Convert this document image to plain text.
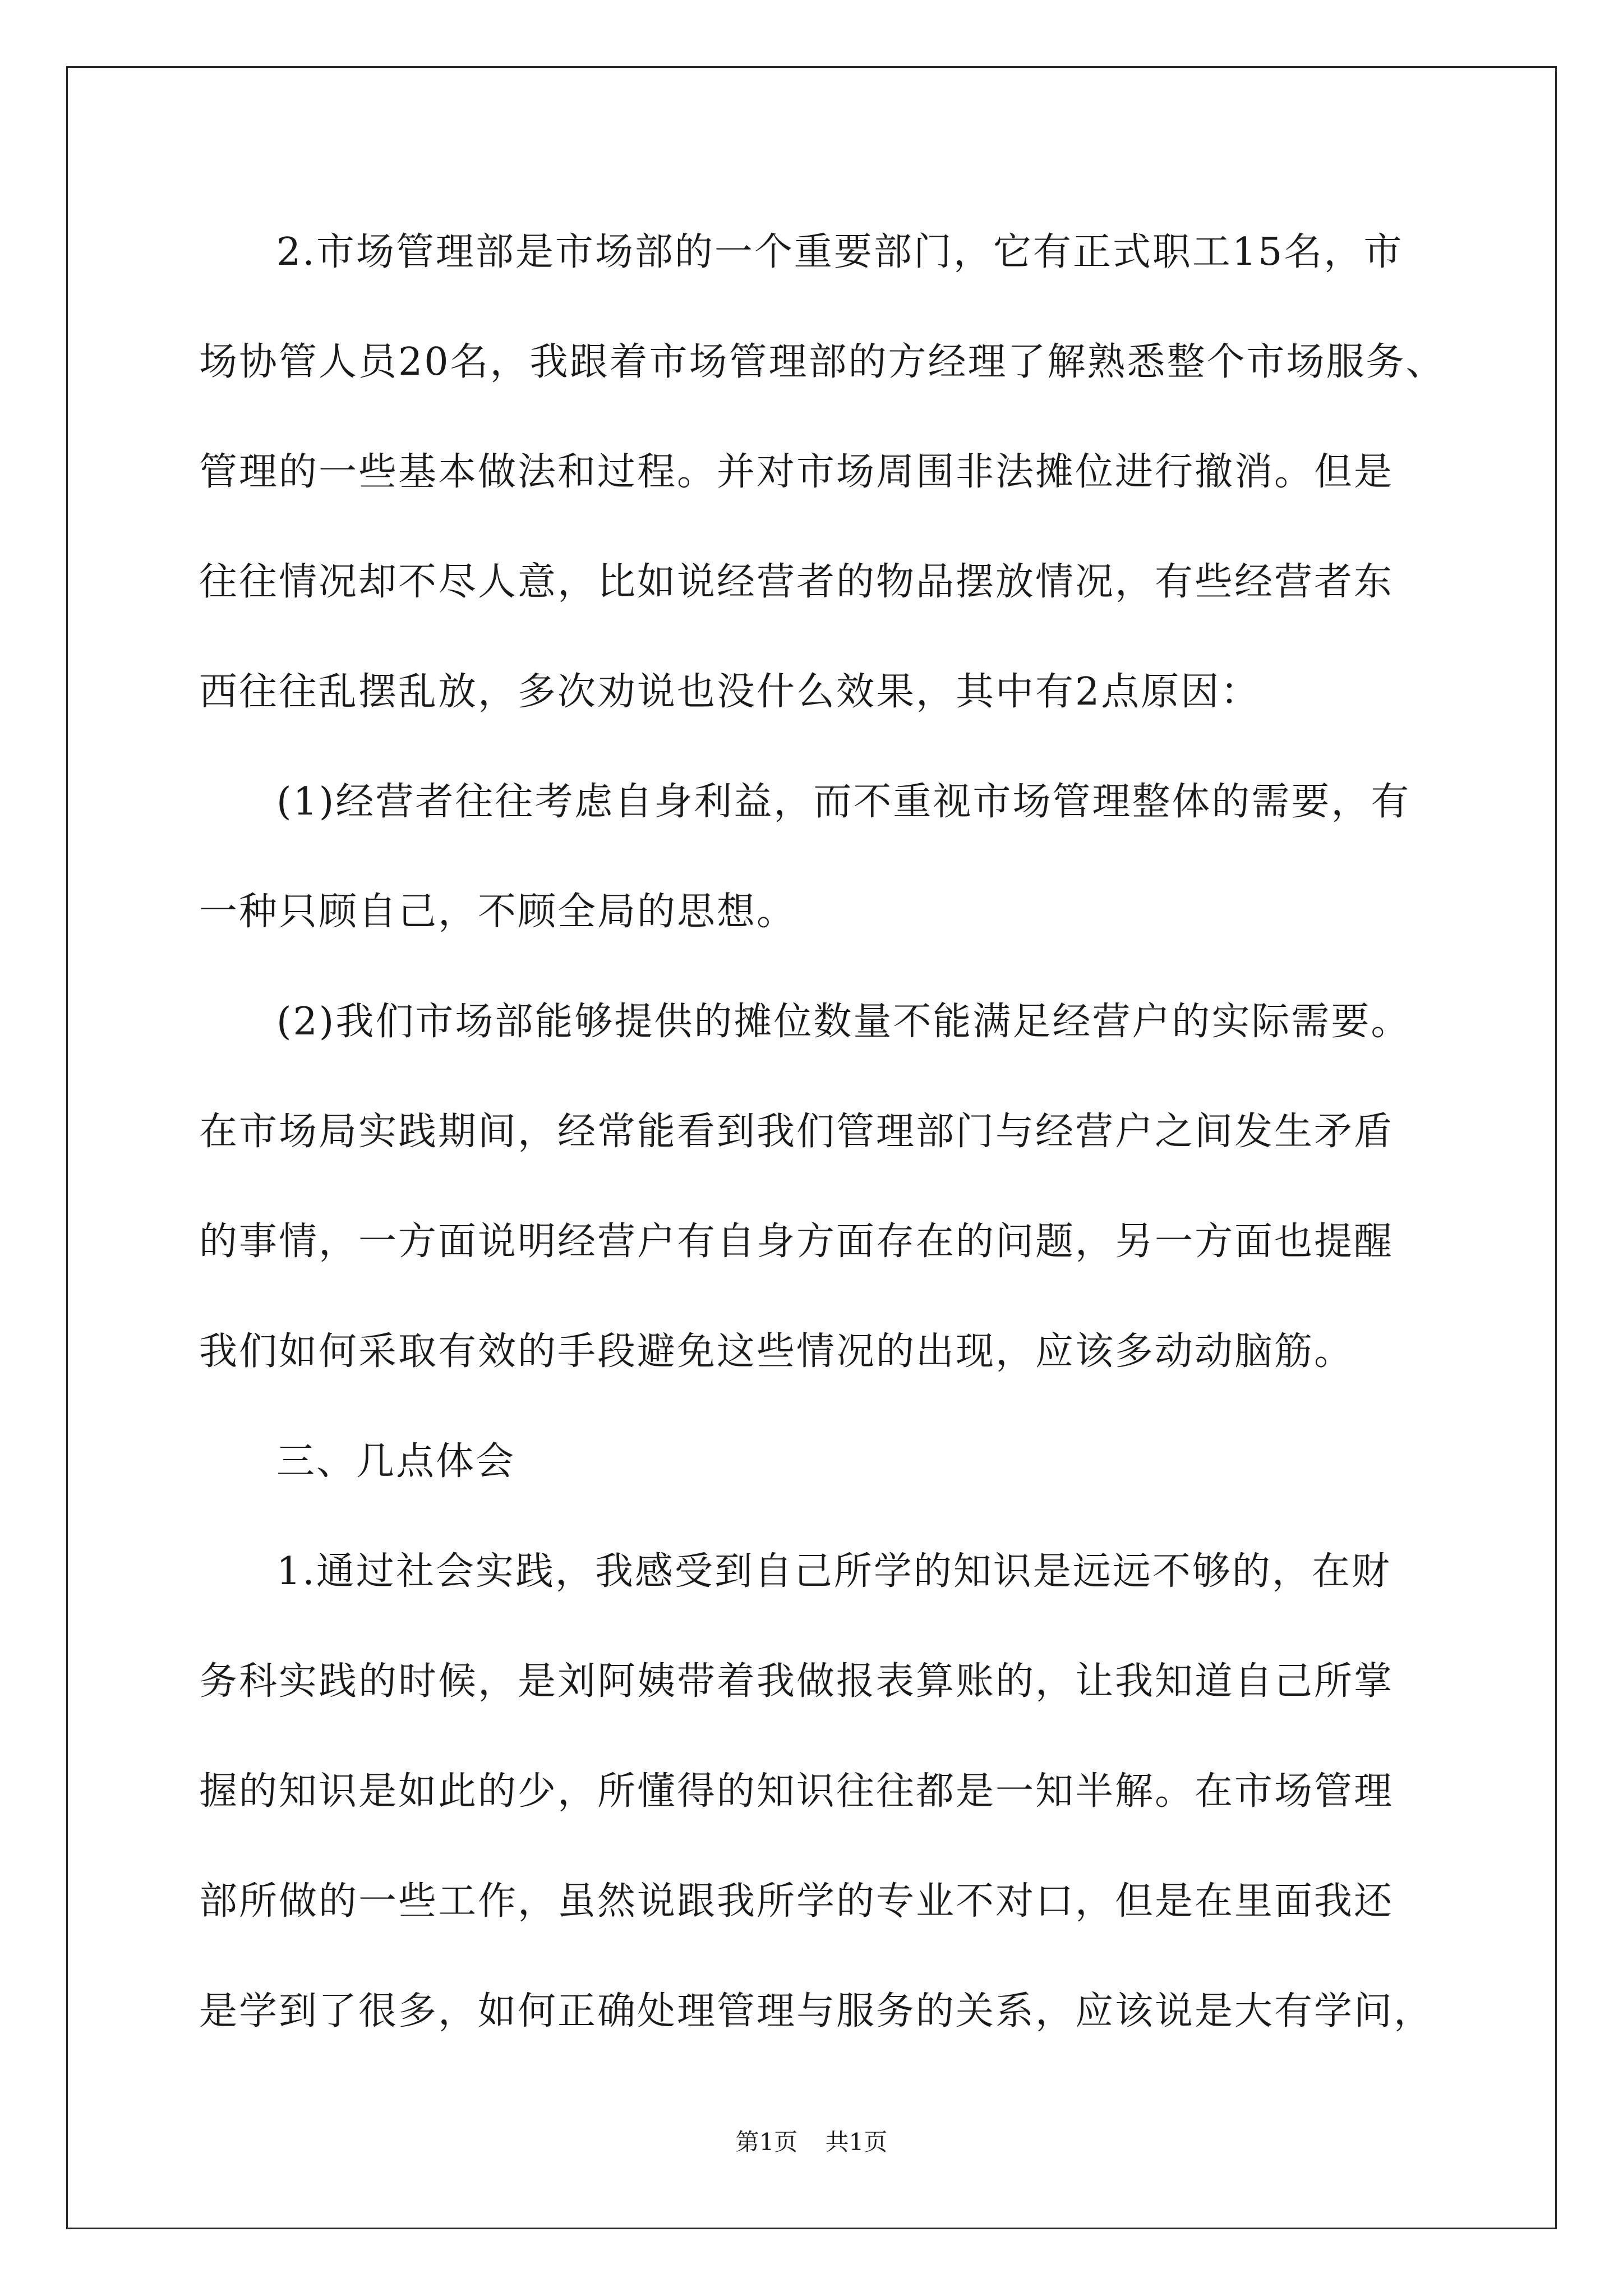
2.市场管理部是市场部的一个重要部门，它有正式职工15名，市
场协管人员20名，我跟着市场管理部的方经理了解熟悉整个市场服务、
管理的一些基本做法和过程。并对市场周围非法摊位进行撤消。但是
往往情况却不尽人意，比如说经营者的物品摆放情况，有些经营者东
西往往乱摆乱放，多次劝说也没什么效果，其中有2点原因：
(1)经营者往往考虑自身利益，而不重视市场管理整体的需要，有
一种只顾自己，不顾全局的思想。
(2)我们市场部能够提供的摊位数量不能满足经营户的实际需要。
在市场局实践期间，经常能看到我们管理部门与经营户之间发生矛盾
的事情，一方面说明经营户有自身方面存在的问题，另一方面也提醒
我们如何采取有效的手段避免这些情况的出现，应该多动动脑筋。
三、几点体会
1.通过社会实践，我感受到自己所学的知识是远远不够的，在财
务科实践的时候，是刘阿姨带着我做报表算账的，让我知道自己所掌
握的知识是如此的少，所懂得的知识往往都是一知半解。在市场管理
部所做的一些工作，虽然说跟我所学的专业不对口，但是在里面我还
是学到了很多，如何正确处理管理与服务的关系，应该说是大有学问，
第1页 共1页
